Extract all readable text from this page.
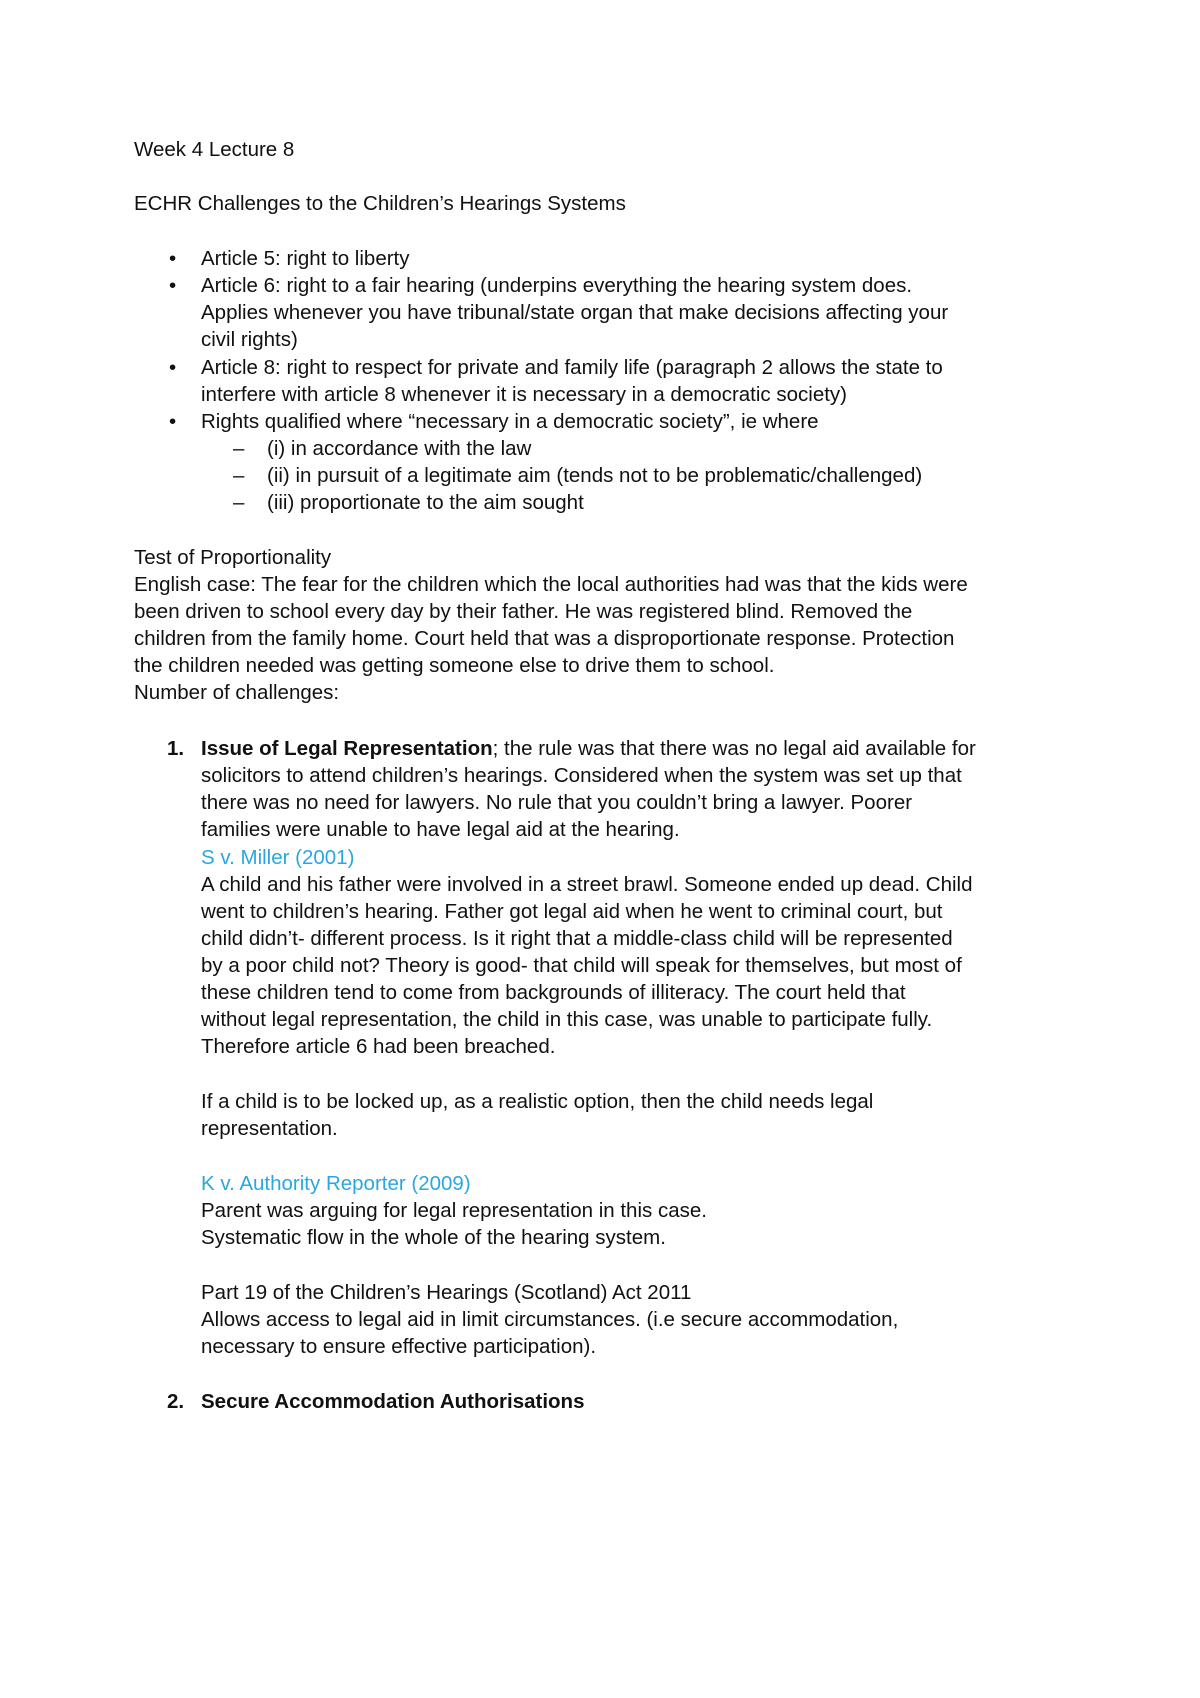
Week 4 Lecture 8
ECHR Challenges to the Children’s Hearings Systems
• Article 5: right to liberty
• Article 6: right to a fair hearing (underpins everything the hearing system does.
Applies whenever you have tribunal/state organ that make decisions affecting your
civil rights)
• Article 8: right to respect for private and family life (paragraph 2 allows the state to
interfere with article 8 whenever it is necessary in a democratic society)
• Rights qualified where “necessary in a democratic society”, ie where
– (i) in accordance with the law
– (ii) in pursuit of a legitimate aim (tends not to be problematic/challenged)
– (iii) proportionate to the aim sought
Test of Proportionality
English case: The fear for the children which the local authorities had was that the kids were
been driven to school every day by their father. He was registered blind. Removed the
children from the family home. Court held that was a disproportionate response. Protection
the children needed was getting someone else to drive them to school.
Number of challenges:
1. Issue of Legal Representation; the rule was that there was no legal aid available for
solicitors to attend children’s hearings. Considered when the system was set up that
there was no need for lawyers. No rule that you couldn’t bring a lawyer. Poorer
families were unable to have legal aid at the hearing.
S v. Miller (2001)
A child and his father were involved in a street brawl. Someone ended up dead. Child
went to children’s hearing. Father got legal aid when he went to criminal court, but
child didn’t- different process. Is it right that a middle-class child will be represented
by a poor child not? Theory is good- that child will speak for themselves, but most of
these children tend to come from backgrounds of illiteracy. The court held that
without legal representation, the child in this case, was unable to participate fully.
Therefore article 6 had been breached.
If a child is to be locked up, as a realistic option, then the child needs legal
representation.
K v. Authority Reporter (2009)
Parent was arguing for legal representation in this case.
Systematic flow in the whole of the hearing system.
Part 19 of the Children’s Hearings (Scotland) Act 2011
Allows access to legal aid in limit circumstances. (i.e secure accommodation,
necessary to ensure effective participation).
2. Secure Accommodation Authorisations
